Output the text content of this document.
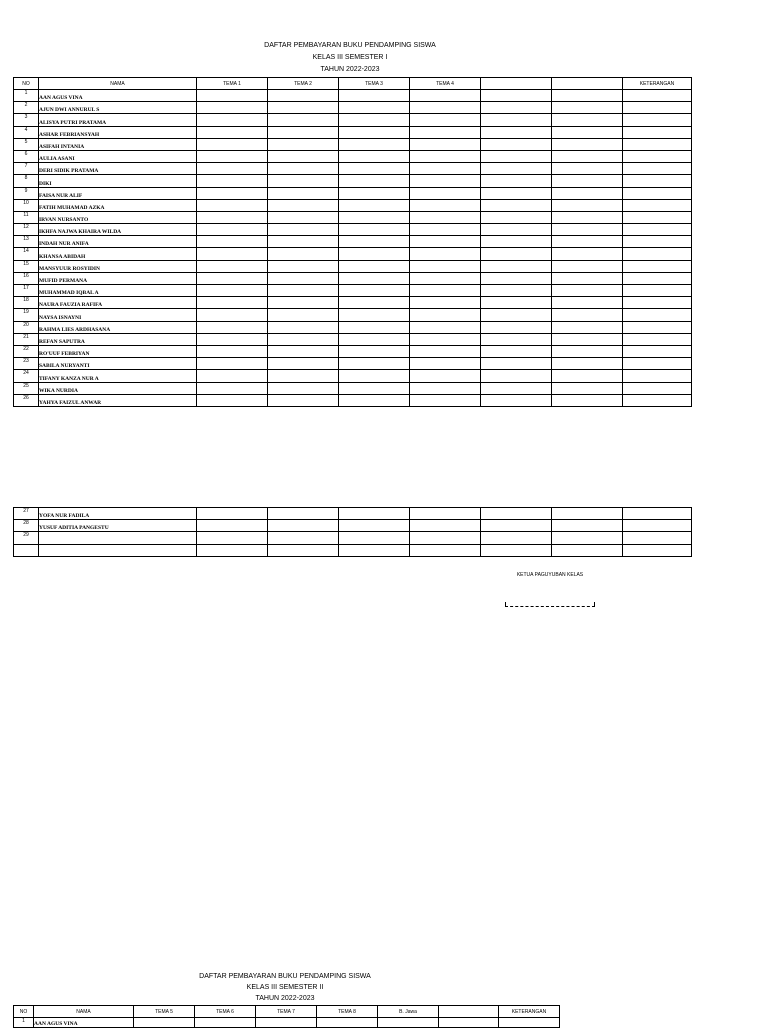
DAFTAR PEMBAYARAN BUKU PENDAMPING SISWA
KELAS III SEMESTER I
TAHUN 2022-2023
NO	NAMA	TEMA 1	TEMA 2	TEMA 3	TEMA 4			KETERANGAN
1	AAN AGUS VINA							
2	AJUN DWI ANNURUL S							
3	ALISYA PUTRI PRATAMA							
4	ASHAR FEBRIANSYAH							
5	ASIFAH INTANIA							
6	AULIA ASANI							
7	DERI SIDIK PRATAMA							
8	DIKI							
9	FAISA NUR ALIF							
10	FATIH MUHAMAD AZKA							
11	IRVAN NURSANTO							
12	IKHFA NAJWA KHAIRA WILDA							
13	INDAH NUR ANIFA							
14	KHANSA ABIDAH							
15	MANSYUUR ROSYIDIN							
16	MUFID PERMANA							
17	MUHAMMAD IQBAL A							
18	NAURA FAUZIA RAFIFA							
19	NAYSA ISNAYNI							
20	RAHMA LIES ARDHASANA							
21	REFAN SAPUTRA							
22	RO'UUF FEBRIYAN							
23	SABILA NURYANTI							
24	TIFANY KANZA NUR A							
25	WIKA NURDIA							
26	YAHYA FAIZUL ANWAR							
27	YOFA NUR FADILA							
28	YUSUF ADITIA PANGESTU							
29								

KETUA PAGUYUBAN KELAS
DAFTAR PEMBAYARAN BUKU PENDAMPING SISWA
KELAS III SEMESTER II
TAHUN 2022-2023
NO	NAMA	TEMA 5	TEMA 6	TEMA 7	TEMA 8	B. Jawa		KETERANGAN
1	AAN AGUS VINA							
